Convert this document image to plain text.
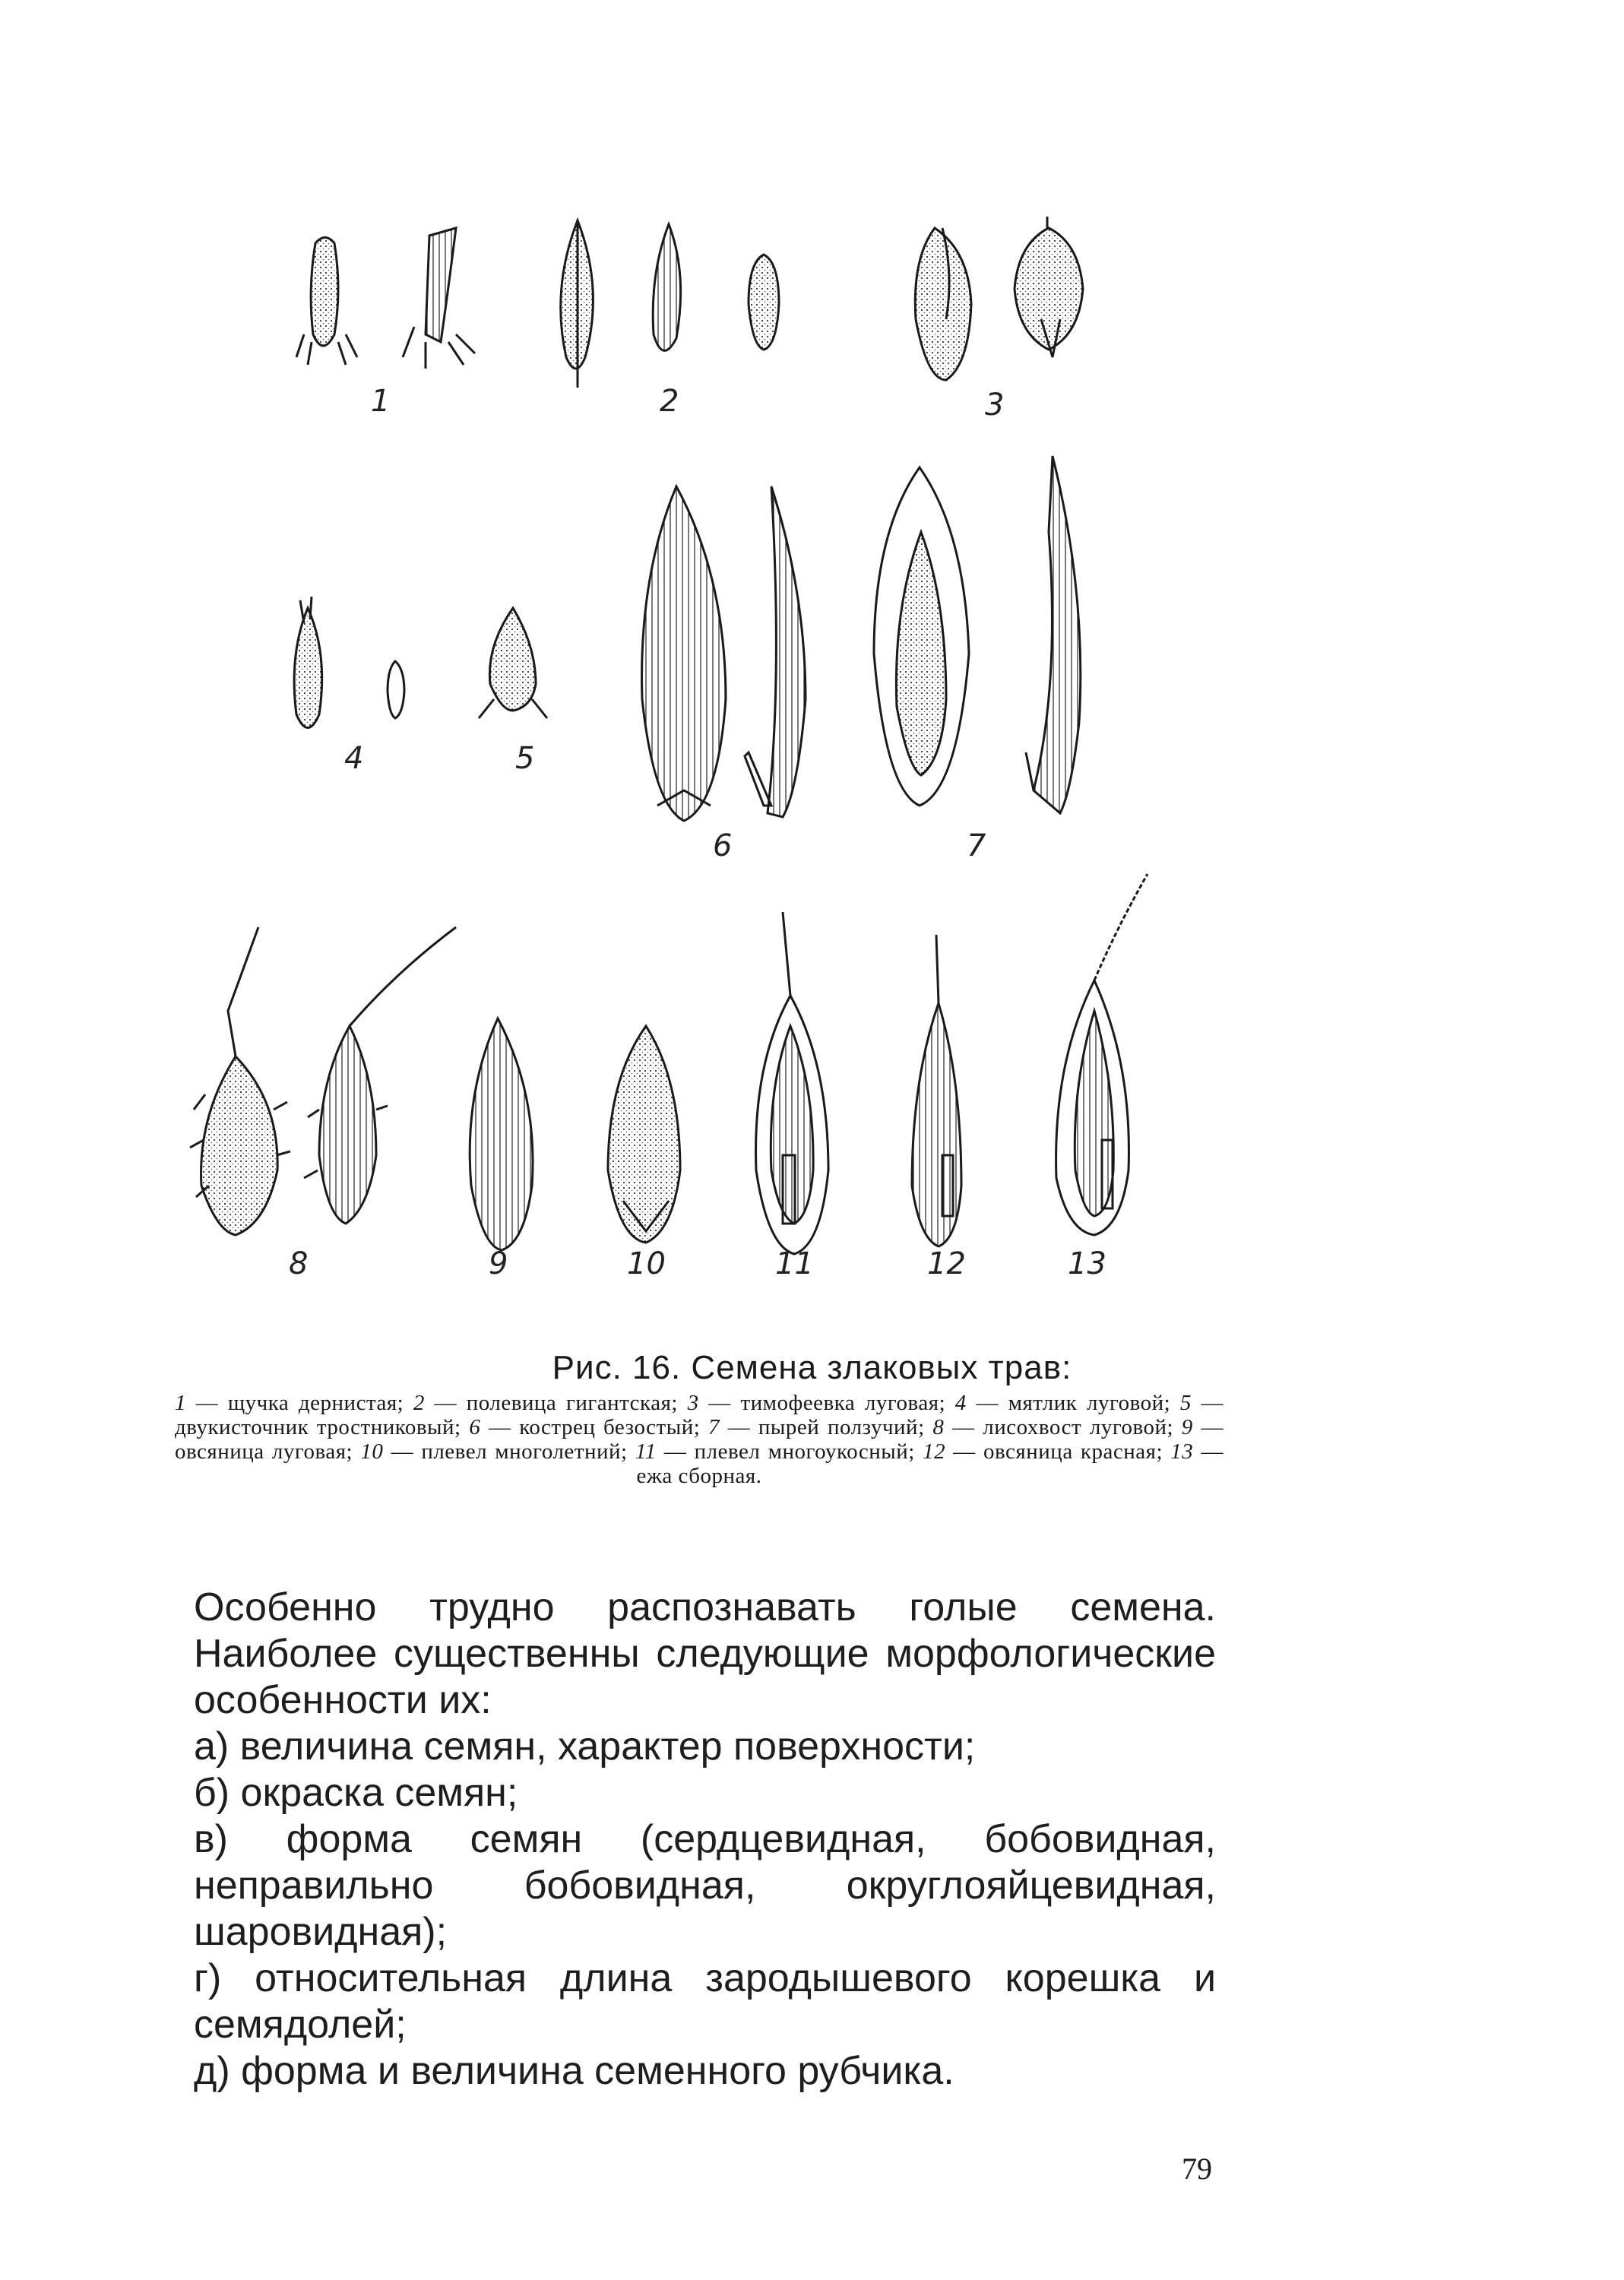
1	2	3
4	5
6	7
8	9	10	11	12	13
Рис. 16. Семена злаковых трав:
1 — щучка дернистая; 2 — полевица гигантская; 3 — тимофеевка луговая; 4 — мятлик луговой; 5 — двукисточник тростниковый; 6 — кострец безостый; 7 — пырей ползучий; 8 — лисохвост луговой; 9 — овсяница луговая; 10 — плевел многолетний; 11 — плевел многоукосный; 12 — овсяница красная; 13 — ежа сборная.

Особенно трудно распознавать голые семена. Наиболее существенны следующие морфологические особенности их:

а) величина семян, характер поверхности;

б) окраска семян;

в) форма семян (сердцевидная, бобовидная, неправильно бобовидная, округлояйцевидная, шаровидная);

г) относительная длина зародышевого корешка и семядолей;

д) форма и величина семенного рубчика.

79
